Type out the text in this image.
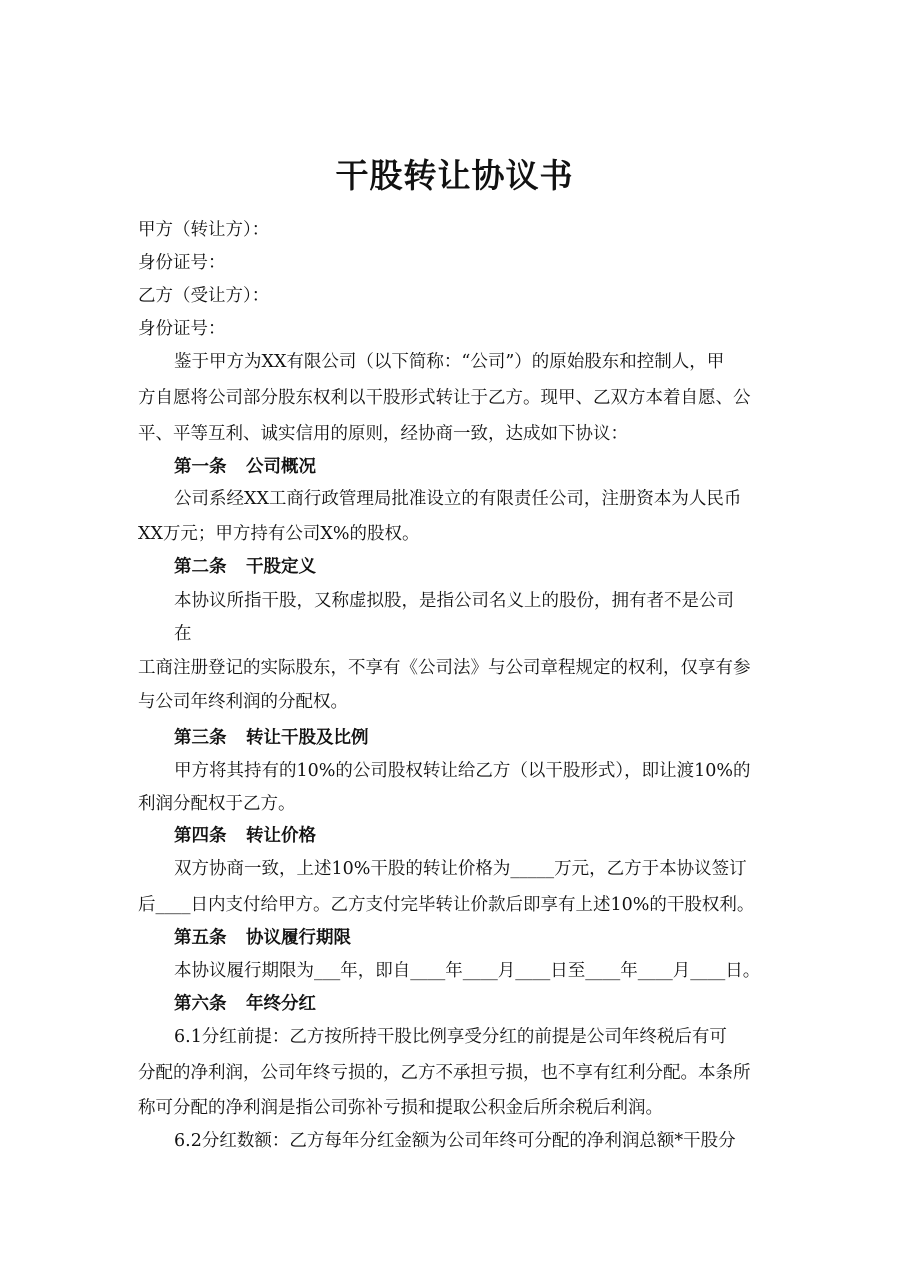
干股转让协议书
甲方（转让方）：
身份证号：
乙方（受让方）：
身份证号：
鉴于甲方为XX有限公司（以下简称：“公司”）的原始股东和控制人，甲
方自愿将公司部分股东权利以干股形式转让于乙方。现甲、乙双方本着自愿、公
平、平等互利、诚实信用的原则，经协商一致，达成如下协议：
第一条 公司概况
公司系经XX工商行政管理局批准设立的有限责任公司，注册资本为人民币
XX万元；甲方持有公司X%的股权。
第二条 干股定义
本协议所指干股，又称虚拟股，是指公司名义上的股份，拥有者不是公司
在
工商注册登记的实际股东，不享有《公司法》与公司章程规定的权利，仅享有参
与公司年终利润的分配权。
第三条 转让干股及比例
甲方将其持有的10%的公司股权转让给乙方（以干股形式），即让渡10%的
利润分配权于乙方。
第四条 转让价格
双方协商一致，上述10%干股的转让价格为_____万元，乙方于本协议签订
后____日内支付给甲方。乙方支付完毕转让价款后即享有上述10%的干股权利。
第五条 协议履行期限
本协议履行期限为___年，即自____年____月____日至____年____月____日。
第六条 年终分红
6.1分红前提：乙方按所持干股比例享受分红的前提是公司年终税后有可
分配的净利润，公司年终亏损的，乙方不承担亏损，也不享有红利分配。本条所
称可分配的净利润是指公司弥补亏损和提取公积金后所余税后利润。
6.2分红数额：乙方每年分红金额为公司年终可分配的净利润总额*干股分
